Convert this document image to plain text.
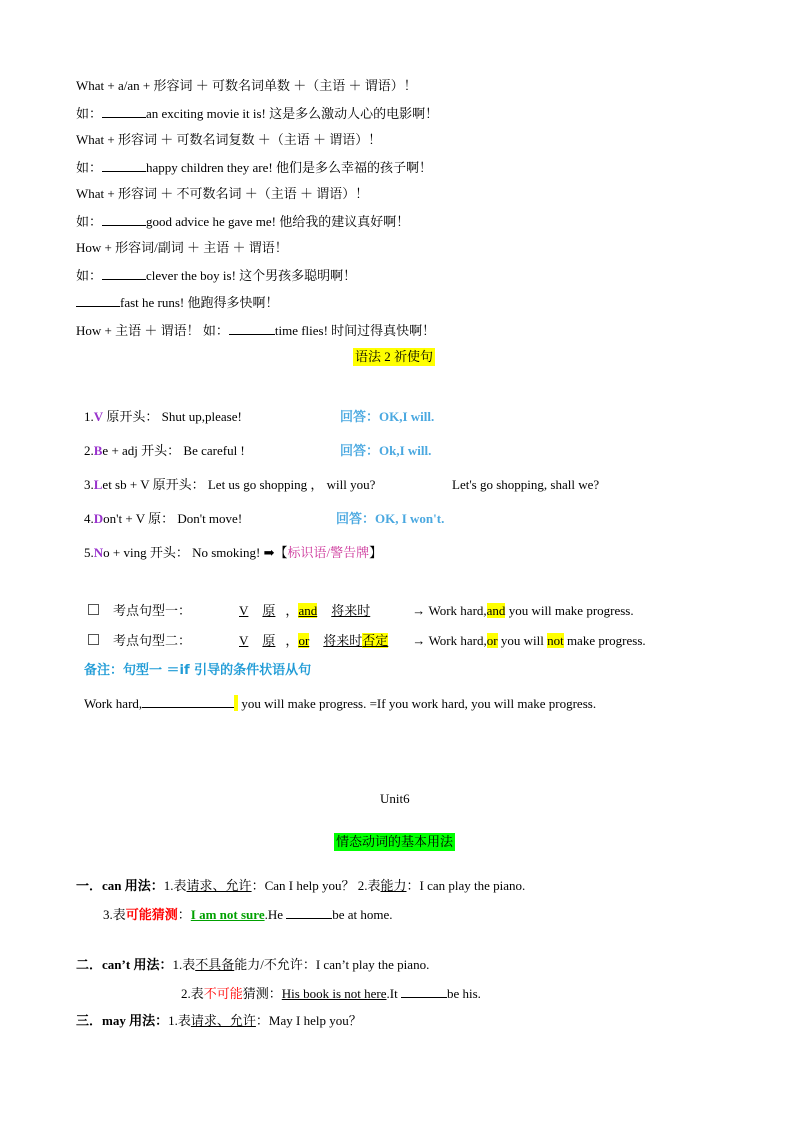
What + a/an + 形容词 ＋ 可数名词单数 ＋（主语 ＋ 谓语）！
如：	an exciting movie it is! 这是多么激动人心的电影啊！
What + 形容词 ＋ 可数名词复数 ＋（主语 ＋ 谓语）！
如：	happy children they are! 他们是多么幸福的孩子啊！
What + 形容词 ＋ 不可数名词 ＋（主语 ＋ 谓语）！
如：	good advice he gave me! 他给我的建议真好啊！
How + 形容词/副词 ＋ 主语 ＋ 谓语！
如：	clever the boy is! 这个男孩多聪明啊！
fast he runs! 他跑得多快啊！
How + 主语 ＋ 谓语！ 如：	time flies! 时间过得真快啊！
语法 2 祈使句
1.V 原开头： Shut up,please!	回答：OK,I will.
2.Be + adj 开头： Be careful !	回答：Ok,I will.
3.Let sb + V 原开头： Let us go shopping ， will you?	Let's go shopping, shall we?
4.Don't + V 原： Don't move!	回答：OK, I won't.
5.No + ving 开头： No smoking! ➡【标识语/警告牌】
考点句型一：	V 原 ，and 将来时	→ Work hard,and you will make progress.
考点句型二：	V 原 ，or 将来时否定 → Work hard,or you will not make progress.
备注：句型一 ＝if 引导的条件状语从句
Work hard,	you will make progress. =If you work hard, you will make progress.
Unit6
情态动词的基本用法
一．can 用法：1.表请求、允许：Can I help you？ 2.表能力：I can play the piano.
3.表可能猜测：I am not sure.He	be at home.
二．can’t 用法：1.表不具备能力/不允许：I can’t play the piano.
2.表不可能猜测：His book is not here.It	be his.
三．may 用法：1.表请求、允许：May I help you？
